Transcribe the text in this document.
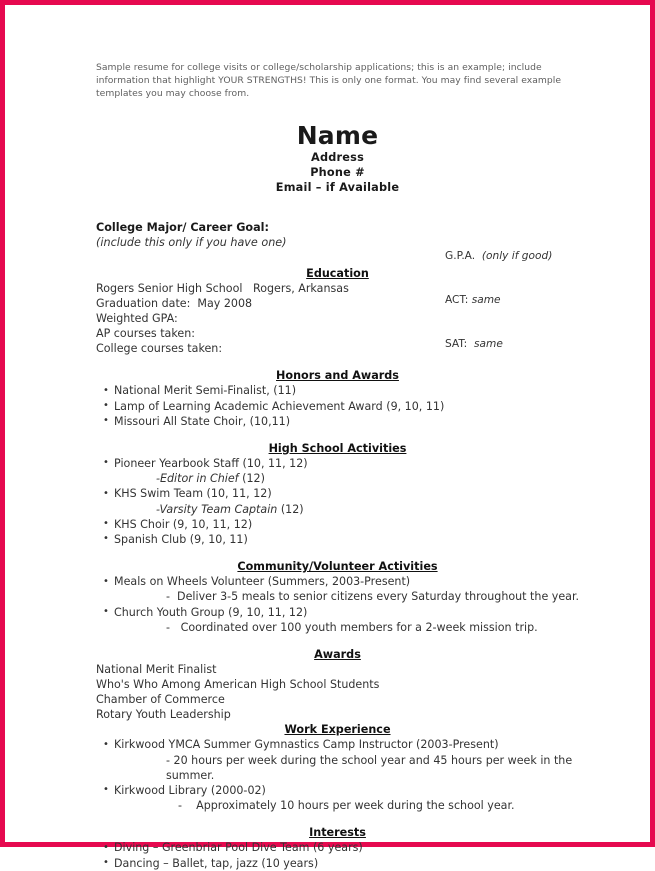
Sample resume for college visits or college/scholarship applications; this is an example; include information that highlight YOUR STRENGTHS! This is only one format. You may find several example templates you may choose from.

Name
Address
Phone #
Email – if Available
College Major/ Career Goal:
(include this only if you have one)

G.P.A. (only if good)

ACT: same

SAT: same

Education
Rogers Senior High School   Rogers, Arkansas
Graduation date:  May 2008
Weighted GPA:
AP courses taken:
College courses taken:
Honors and Awards
• National Merit Semi-Finalist, (11)
• Lamp of Learning Academic Achievement Award (9, 10, 11)
• Missouri All State Choir, (10,11)
High School Activities
• Pioneer Yearbook Staff (10, 11, 12)
-Editor in Chief (12)
• KHS Swim Team (10, 11, 12)
-Varsity Team Captain (12)
• KHS Choir (9, 10, 11, 12)
• Spanish Club (9, 10, 11)
Community/Volunteer Activities
• Meals on Wheels Volunteer (Summers, 2003-Present)
-  Deliver 3-5 meals to senior citizens every Saturday throughout the year.
• Church Youth Group (9, 10, 11, 12)
-   Coordinated over 100 youth members for a 2-week mission trip.
Awards
National Merit Finalist
Who's Who Among American High School Students
Chamber of Commerce
Rotary Youth Leadership
Work Experience
• Kirkwood YMCA Summer Gymnastics Camp Instructor (2003-Present)
- 20 hours per week during the school year and 45 hours per week in the
summer.
• Kirkwood Library (2000-02)
-    Approximately 10 hours per week during the school year.
Interests
• Diving – Greenbriar Pool Dive Team (6 years)
• Dancing – Ballet, tap, jazz (10 years)
